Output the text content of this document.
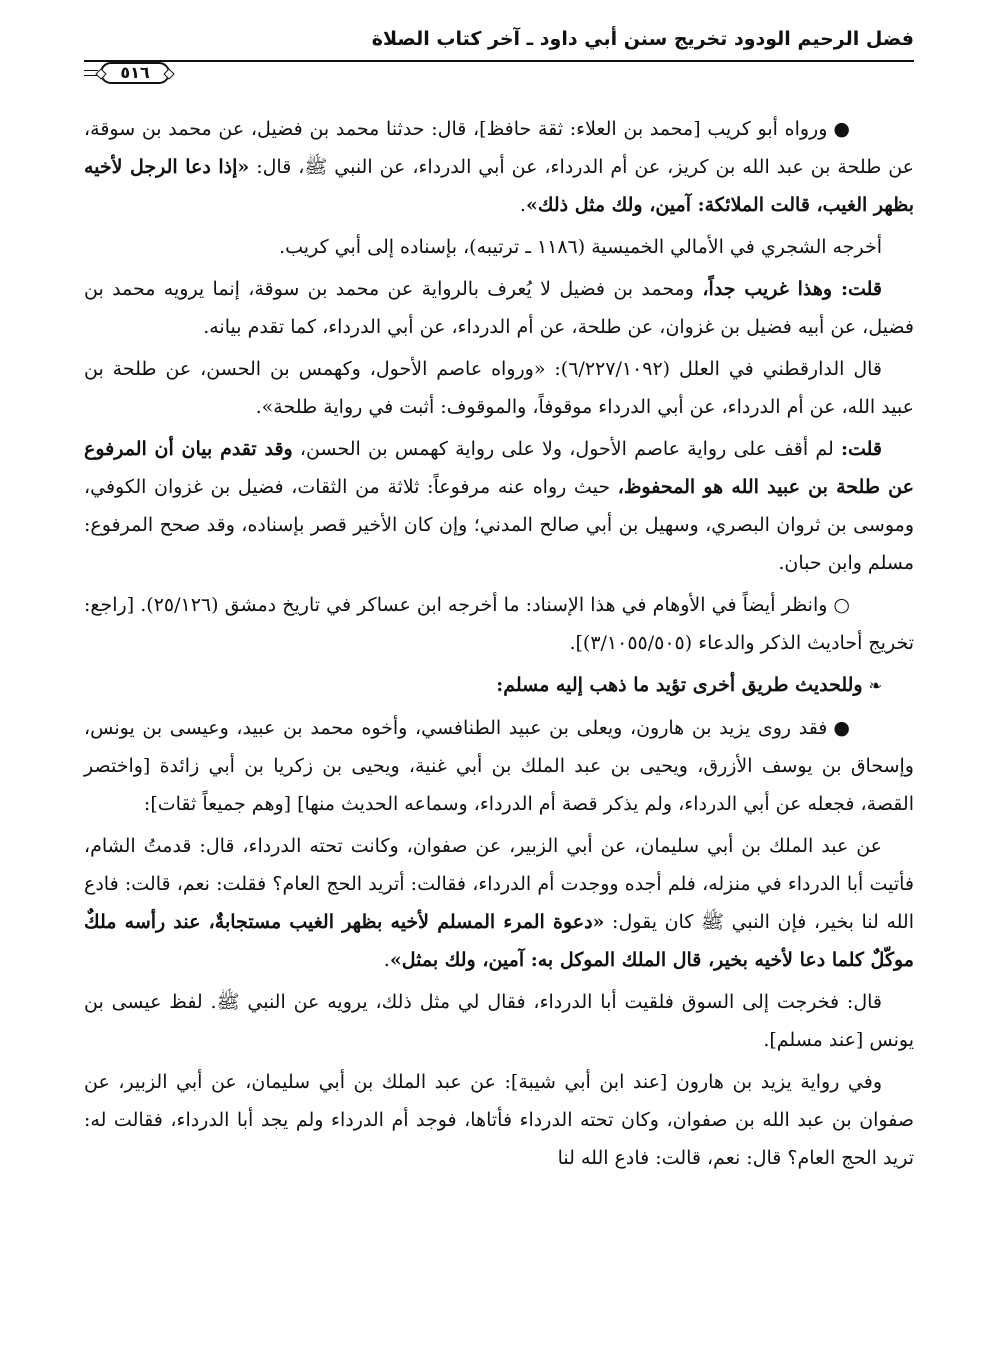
فضل الرحيم الودود تخريج سنن أبي داود ـ آخر كتاب الصلاة
٥١٦

●ورواه أبو كريب [محمد بن العلاء: ثقة حافظ]، قال: حدثنا محمد بن فضيل، عن محمد بن سوقة، عن طلحة بن عبد الله بن كريز، عن أم الدرداء، عن أبي الدرداء، عن النبي ﷺ، قال: «إذا دعا الرجل لأخيه بظهر الغيب، قالت الملائكة: آمين، ولك مثل ذلك».

أخرجه الشجري في الأمالي الخميسية (١١٨٦ ـ ترتيبه)، بإسناده إلى أبي كريب.

قلت: وهذا غريب جداً، ومحمد بن فضيل لا يُعرف بالرواية عن محمد بن سوقة، إنما يرويه محمد بن فضيل، عن أبيه فضيل بن غزوان، عن طلحة، عن أم الدرداء، عن أبي الدرداء، كما تقدم بيانه.

قال الدارقطني في العلل (٦/٢٢٧/١٠٩٢): «ورواه عاصم الأحول، وكهمس بن الحسن، عن طلحة بن عبيد الله، عن أم الدرداء، عن أبي الدرداء موقوفاً، والموقوف: أثبت في رواية طلحة».

قلت: لم أقف على رواية عاصم الأحول، ولا على رواية كهمس بن الحسن، وقد تقدم بيان أن المرفوع عن طلحة بن عبيد الله هو المحفوظ، حيث رواه عنه مرفوعاً: ثلاثة من الثقات، فضيل بن غزوان الكوفي، وموسى بن ثروان البصري، وسهيل بن أبي صالح المدني؛ وإن كان الأخير قصر بإسناده، وقد صحح المرفوع: مسلم وابن حبان.

○وانظر أيضاً في الأوهام في هذا الإسناد: ما أخرجه ابن عساكر في تاريخ دمشق (٢٥/١٢٦). [راجع: تخريج أحاديث الذكر والدعاء (٣/١٠٥٥/٥٠٥)].

❧وللحديث طريق أخرى تؤيد ما ذهب إليه مسلم:

●فقد روى يزيد بن هارون، ويعلى بن عبيد الطنافسي، وأخوه محمد بن عبيد، وعيسى بن يونس، وإسحاق بن يوسف الأزرق، ويحيى بن عبد الملك بن أبي غنية، ويحيى بن زكريا بن أبي زائدة [واختصر القصة، فجعله عن أبي الدرداء، ولم يذكر قصة أم الدرداء، وسماعه الحديث منها] [وهم جميعاً ثقات]:

عن عبد الملك بن أبي سليمان، عن أبي الزبير، عن صفوان، وكانت تحته الدرداء، قال: قدمتُ الشام، فأتيت أبا الدرداء في منزله، فلم أجده ووجدت أم الدرداء، فقالت: أتريد الحج العام؟ فقلت: نعم، قالت: فادع الله لنا بخير، فإن النبي ﷺ كان يقول: «دعوة المرء المسلم لأخيه بظهر الغيب مستجابةٌ، عند رأسه ملكٌ موكّلٌ كلما دعا لأخيه بخير، قال الملك الموكل به: آمين، ولك بمثل».

قال: فخرجت إلى السوق فلقيت أبا الدرداء، فقال لي مثل ذلك، يرويه عن النبي ﷺ. لفظ عيسى بن يونس [عند مسلم].

وفي رواية يزيد بن هارون [عند ابن أبي شيبة]: عن عبد الملك بن أبي سليمان، عن أبي الزبير، عن صفوان بن عبد الله بن صفوان، وكان تحته الدرداء فأتاها، فوجد أم الدرداء ولم يجد أبا الدرداء، فقالت له: تريد الحج العام؟ قال: نعم، قالت: فادع الله لنا
